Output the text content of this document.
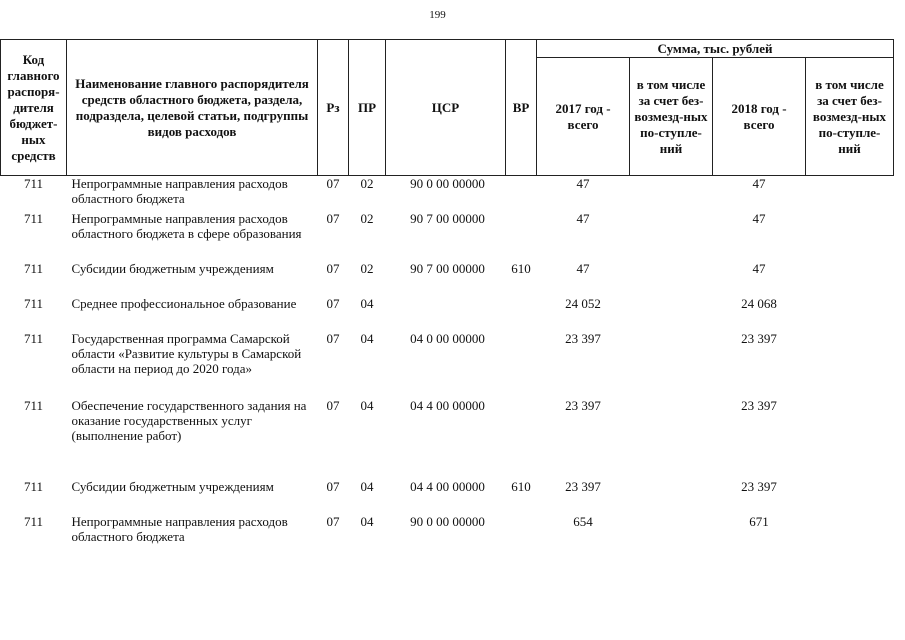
199
Код главного распоря-дителя бюджет-ных средств	Наименование главного распорядителя средств областного бюджета, раздела, подраздела, целевой статьи, подгруппы видов расходов	Рз	ПР	ЦСР	ВР	Сумма, тыс. рублей			
						2017 год - всего	в том числе за счет без-возмезд-ных по-ступле-ний	2018 год - всего	в том числе за счет без-возмезд-ных по-ступле-ний
711	Непрограммные направления расходов областного бюджета	07	02	90 0 00 00000		47		47	
711	Непрограммные направления расходов областного бюджета в сфере образования	07	02	90 7 00 00000		47		47	
711	Субсидии бюджетным учреждениям	07	02	90 7 00 00000	610	47		47	
711	Среднее профессиональное образование	07	04			24 052		24 068	
711	Государственная программа Самарской области «Развитие культуры в Самарской области на период до 2020 года»	07	04	04 0 00 00000		23 397		23 397	
711	Обеспечение государственного задания на оказание государственных услуг (выполнение работ)	07	04	04 4 00 00000		23 397		23 397	
711	Субсидии бюджетным учреждениям	07	04	04 4 00 00000	610	23 397		23 397	
711	Непрограммные направления расходов областного бюджета	07	04	90 0 00 00000		654		671	
